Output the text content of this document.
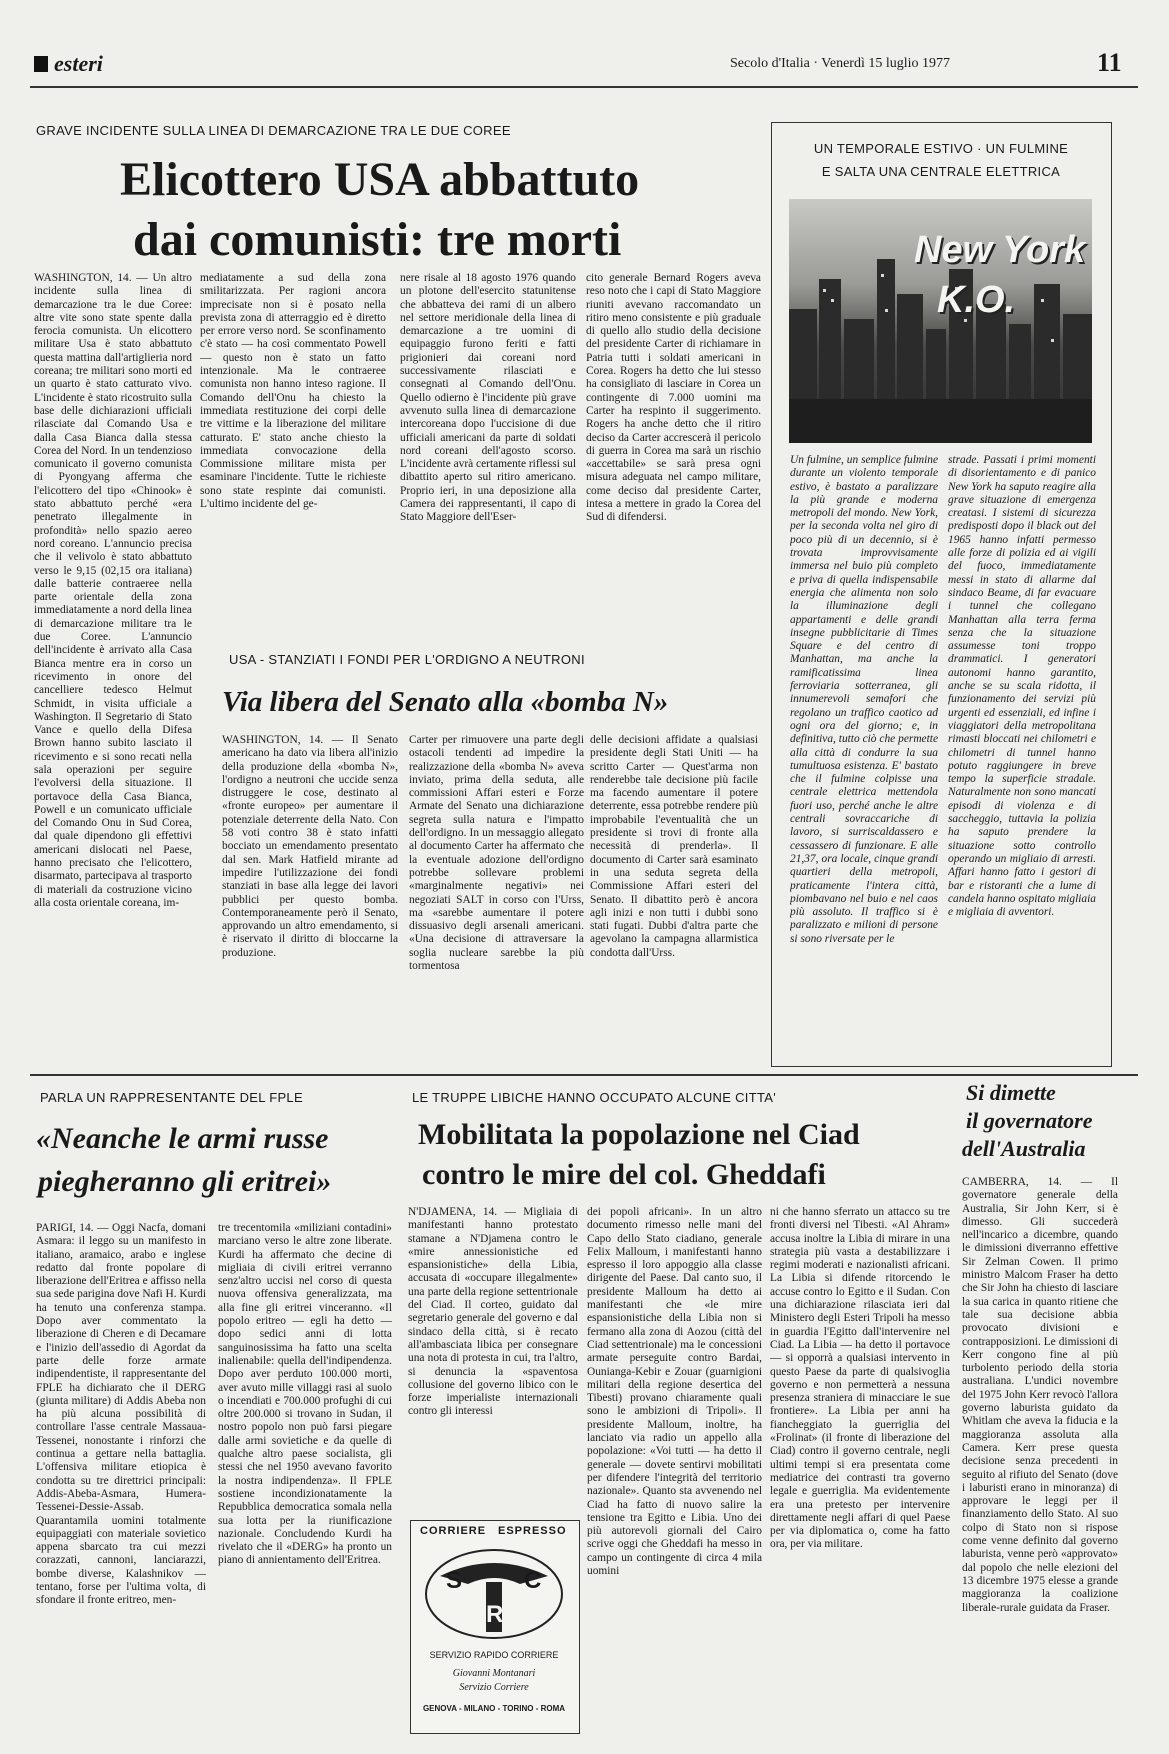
esteri	Secolo d'Italia · Venerdì 15 luglio 1977	11
GRAVE INCIDENTE SULLA LINEA DI DEMARCAZIONE TRA LE DUE COREE
Elicottero USA abbattuto
dai comunisti: tre morti
WASHINGTON, 14. — Un altro incidente sulla linea di demarcazione tra le due Coree: altre vite sono state spente dalla ferocia comunista. Un elicottero militare Usa è stato abbattuto questa mattina dall'artiglieria nord coreana; tre militari sono morti ed un quarto è stato catturato vivo. L'incidente è stato ricostruito sulla base delle dichiarazioni ufficiali rilasciate dal Comando Usa e dalla Casa Bianca dalla stessa Corea del Nord. In un tendenzioso comunicato il governo comunista di Pyongyang afferma che l'elicottero del tipo «Chinook» è stato abbattuto perché «era penetrato illegalmente in profondità» nello spazio aereo nord coreano. L'annuncio precisa che il velivolo è stato abbattuto verso le 9,15 (02,15 ora italiana) dalle batterie contraeree nella parte orientale della zona immediatamente a nord della linea di demarcazione militare tra le due Coree. L'annuncio dell'incidente è arrivato alla Casa Bianca mentre era in corso un ricevimento in onore del cancelliere tedesco Helmut Schmidt, in visita ufficiale a Washington. Il Segretario di Stato Vance e quello della Difesa Brown hanno subito lasciato il ricevimento e si sono recati nella sala operazioni per seguire l'evolversi della situazione. Il portavoce della Casa Bianca, Powell e un comunicato ufficiale del Comando Onu in Sud Corea, dal quale dipendono gli effettivi americani dislocati nel Paese, hanno precisato che l'elicottero, disarmato, partecipava al trasporto di materiali da costruzione vicino alla costa orientale coreana, im-
mediatamente a sud della zona smilitarizzata. Per ragioni ancora imprecisate non si è posato nella prevista zona di atterraggio ed è diretto per errore verso nord. Se sconfinamento c'è stato — ha così commentato Powell — questo non è stato un fatto intenzionale. Ma le contraeree comunista non hanno inteso ragione. Il Comando dell'Onu ha chiesto la immediata restituzione dei corpi delle tre vittime e la liberazione del militare catturato. E' stato anche chiesto la immediata convocazione della Commissione militare mista per esaminare l'incidente. Tutte le richieste sono state respinte dai comunisti. L'ultimo incidente del ge-
nere risale al 18 agosto 1976 quando un plotone dell'esercito statunitense che abbatteva dei rami di un albero nel settore meridionale della linea di demarcazione a tre uomini di equipaggio furono feriti e fatti prigionieri dai coreani nord successivamente rilasciati e consegnati al Comando dell'Onu. Quello odierno è l'incidente più grave avvenuto sulla linea di demarcazione intercoreana dopo l'uccisione di due ufficiali americani da parte di soldati nord coreani dell'agosto scorso. L'incidente avrà certamente riflessi sul dibattito aperto sul ritiro americano. Proprio ieri, in una deposizione alla Camera dei rappresentanti, il capo di Stato Maggiore dell'Eser-
cito generale Bernard Rogers aveva reso noto che i capi di Stato Maggiore riuniti avevano raccomandato un ritiro meno consistente e più graduale di quello allo studio della decisione del presidente Carter di richiamare in Patria tutti i soldati americani in Corea. Rogers ha detto che lui stesso ha consigliato di lasciare in Corea un contingente di 7.000 uomini ma Carter ha respinto il suggerimento. Rogers ha anche detto che il ritiro deciso da Carter accrescerà il pericolo di guerra in Corea ma sarà un rischio «accettabile» se sarà presa ogni misura adeguata nel campo militare, come deciso dal presidente Carter, intesa a mettere in grado la Corea del Sud di difendersi.
UN TEMPORALE ESTIVO · UN FULMINE
E SALTA UNA CENTRALE ELETTRICA
New York
K.O.
Un fulmine, un semplice fulmine durante un violento temporale estivo, è bastato a paralizzare la più grande e moderna metropoli del mondo. New York, per la seconda volta nel giro di poco più di un decennio, si è trovata improvvisamente immersa nel buio più completo e priva di quella indispensabile energia che alimenta non solo la illuminazione degli appartamenti e delle grandi insegne pubblicitarie di Times Square e del centro di Manhattan, ma anche la ramificatissima linea ferroviaria sotterranea, gli innumerevoli semafori che regolano un traffico caotico ad ogni ora del giorno; e, in definitiva, tutto ciò che permette alla città di condurre la sua tumultuosa esistenza. E' bastato che il fulmine colpisse una centrale elettrica mettendola fuori uso, perché anche le altre centrali sovraccariche di lavoro, si surriscaldassero e cessassero di funzionare. E alle 21,37, ora locale, cinque grandi quartieri della metropoli, praticamente l'intera città, piombavano nel buio e nel caos più assoluto. Il traffico si è paralizzato e milioni di persone si sono riversate per le
strade. Passati i primi momenti di disorientamento e di panico New York ha saputo reagire alla grave situazione di emergenza creatasi. I sistemi di sicurezza predisposti dopo il black out del 1965 hanno infatti permesso alle forze di polizia ed ai vigili del fuoco, immediatamente messi in stato di allarme dal sindaco Beame, di far evacuare i tunnel che collegano Manhattan alla terra ferma senza che la situazione assumesse toni troppo drammatici. I generatori autonomi hanno garantito, anche se su scala ridotta, il funzionamento dei servizi più urgenti ed essenziali, ed infine i viaggiatori della metropolitana rimasti bloccati nei chilometri e chilometri di tunnel hanno potuto raggiungere in breve tempo la superficie stradale. Naturalmente non sono mancati episodi di violenza e di saccheggio, tuttavia la polizia ha saputo prendere la situazione sotto controllo operando un migliaio di arresti. Affari hanno fatto i gestori di bar e ristoranti che a lume di candela hanno ospitato migliaia e migliaia di avventori.
USA - STANZIATI I FONDI PER L'ORDIGNO A NEUTRONI
Via libera del Senato alla «bomba N»
WASHINGTON, 14. — Il Senato americano ha dato via libera all'inizio della produzione della «bomba N», l'ordigno a neutroni che uccide senza distruggere le cose, destinato al «fronte europeo» per aumentare il potenziale deterrente della Nato. Con 58 voti contro 38 è stato infatti bocciato un emendamento presentato dal sen. Mark Hatfield mirante ad impedire l'utilizzazione dei fondi stanziati in base alla legge dei lavori pubblici per questo bomba. Contemporaneamente però il Senato, approvando un altro emendamento, si è riservato il diritto di bloccarne la produzione.
Carter per rimuovere una parte degli ostacoli tendenti ad impedire la realizzazione della «bomba N» aveva inviato, prima della seduta, alle commissioni Affari esteri e Forze Armate del Senato una dichiarazione segreta sulla natura e l'impatto dell'ordigno. In un messaggio allegato al documento Carter ha affermato che la eventuale adozione dell'ordigno potrebbe sollevare problemi «marginalmente negativi» nei negoziati SALT in corso con l'Urss, ma «sarebbe aumentare il potere dissuasivo degli arsenali americani. «Una decisione di attraversare la soglia nucleare sarebbe la più tormentosa
delle decisioni affidate a qualsiasi presidente degli Stati Uniti — ha scritto Carter — Quest'arma non renderebbe tale decisione più facile ma facendo aumentare il potere deterrente, essa potrebbe rendere più improbabile l'eventualità che un presidente si trovi di fronte alla necessità di prenderla». Il documento di Carter sarà esaminato in una seduta segreta della Commissione Affari esteri del Senato. Il dibattito però è ancora agli inizi e non tutti i dubbi sono stati fugati. Dubbi d'altra parte che agevolano la campagna allarmistica condotta dall'Urss.
PARLA UN RAPPRESENTANTE DEL FPLE
«Neanche le armi russe
piegheranno gli eritrei»
PARIGI, 14. — Oggi Nacfa, domani Asmara: il leggo su un manifesto in italiano, aramaico, arabo e inglese redatto dal fronte popolare di liberazione dell'Eritrea e affisso nella sua sede parigina dove Nafi H. Kurdi ha tenuto una conferenza stampa. Dopo aver commentato la liberazione di Cheren e di Decamare e l'inizio dell'assedio di Agordat da parte delle forze armate indipendentiste, il rappresentante del FPLE ha dichiarato che il DERG (giunta militare) di Addis Abeba non ha più alcuna possibilità di controllare l'asse centrale Massaua-Tessenei, nonostante i rinforzi che continua a gettare nella battaglia. L'offensiva militare etiopica è condotta su tre direttrici principali: Addis-Abeba-Asmara, Humera-Tessenei-Dessie-Assab. Quarantamila uomini totalmente equipaggiati con materiale sovietico appena sbarcato tra cui mezzi corazzati, cannoni, lanciarazzi, bombe diverse, Kalashnikov — tentano, forse per l'ultima volta, di sfondare il fronte eritreo, men-
tre trecentomila «miliziani contadini» marciano verso le altre zone liberate. Kurdi ha affermato che decine di migliaia di civili eritrei verranno senz'altro uccisi nel corso di questa nuova offensiva generalizzata, ma alla fine gli eritrei vinceranno. «Il popolo eritreo — egli ha detto — dopo sedici anni di lotta sanguinosissima ha fatto una scelta inalienabile: quella dell'indipendenza. Dopo aver perduto 100.000 morti, aver avuto mille villaggi rasi al suolo o incendiati e 700.000 profughi di cui oltre 200.000 si trovano in Sudan, il nostro popolo non può farsi piegare dalle armi sovietiche e da quelle di qualche altro paese socialista, gli stessi che nel 1950 avevano favorito la nostra indipendenza». Il FPLE sostiene incondizionatamente la Repubblica democratica somala nella sua lotta per la riunificazione nazionale. Concludendo Kurdi ha rivelato che il «DERG» ha pronto un piano di annientamento dell'Eritrea.
LE TRUPPE LIBICHE HANNO OCCUPATO ALCUNE CITTA'
Mobilitata la popolazione nel Ciad
contro le mire del col. Gheddafi
N'DJAMENA, 14. — Migliaia di manifestanti hanno protestato stamane a N'Djamena contro le «mire annessionistiche ed espansionistiche» della Libia, accusata di «occupare illegalmente» una parte della regione settentrionale del Ciad. Il corteo, guidato dal segretario generale del governo e dal sindaco della città, si è recato all'ambasciata libica per consegnare una nota di protesta in cui, tra l'altro, si denuncia la «spaventosa collusione del governo libico con le forze imperialiste internazionali contro gli interessi
dei popoli africani». In un altro documento rimesso nelle mani del Capo dello Stato ciadiano, generale Felix Malloum, i manifestanti hanno espresso il loro appoggio alla classe dirigente del Paese. Dal canto suo, il presidente Malloum ha detto ai manifestanti che «le mire espansionistiche della Libia non si fermano alla zona di Aozou (città del Ciad settentrionale) ma le concessioni armate perseguite contro Bardai, Ounianga-Kebir e Zouar (guarnigioni militari della regione desertica del Tibesti) provano chiaramente quali sono le ambizioni di Tripoli». Il presidente Malloum, inoltre, ha lanciato via radio un appello alla popolazione: «Voi tutti — ha detto il generale — dovete sentirvi mobilitati per difendere l'integrità del territorio nazionale». Quanto sta avvenendo nel Ciad ha fatto di nuovo salire la tensione tra Egitto e Libia. Uno dei più autorevoli giornali del Cairo scrive oggi che Gheddafi ha messo in campo un contingente di circa 4 mila uomini
ni che hanno sferrato un attacco su tre fronti diversi nel Tibesti. «Al Ahram» accusa inoltre la Libia di mirare in una strategia più vasta a destabilizzare i regimi moderati e nazionalisti africani. La Libia si difende ritorcendo le accuse contro lo Egitto e il Sudan. Con una dichiarazione rilasciata ieri dal Ministero degli Esteri Tripoli ha messo in guardia l'Egitto dall'intervenire nel Ciad. La Libia — ha detto il portavoce — si opporrà a qualsiasi intervento in questo Paese da parte di qualsivoglia governo e non permetterà a nessuna presenza straniera di minacciare le sue frontiere». La Libia per anni ha fiancheggiato la guerriglia del «Frolinat» (il fronte di liberazione del Ciad) contro il governo centrale, negli ultimi tempi si era presentata come mediatrice dei contrasti tra governo legale e guerriglia. Ma evidentemente era una pretesto per intervenire direttamente negli affari di quel Paese per via diplomatica o, come ha fatto ora, per via militare.
CORRIERE ESPRESSO
S	C
R
SERVIZIO RAPIDO CORRIERE
Giovanni Montanari
Servizio Corriere
GENOVA - MILANO - TORINO - ROMA
Si dimette
il governatore
dell'Australia
CAMBERRA, 14. — Il governatore generale della Australia, Sir John Kerr, si è dimesso. Gli succederà nell'incarico a dicembre, quando le dimissioni diverranno effettive Sir Zelman Cowen. Il primo ministro Malcom Fraser ha detto che Sir John ha chiesto di lasciare la sua carica in quanto ritiene che tale sua decisione abbia provocato divisioni e contrapposizioni. Le dimissioni di Kerr congono fine al più turbolento periodo della storia australiana. L'undici novembre del 1975 John Kerr revocò l'allora governo laburista guidato da Whitlam che aveva la fiducia e la maggioranza assoluta alla Camera. Kerr prese questa decisione senza precedenti in seguito al rifiuto del Senato (dove i laburisti erano in minoranza) di approvare le leggi per il finanziamento dello Stato. Al suo colpo di Stato non si rispose come venne definito dal governo laburista, venne però «approvato» dal popolo che nelle elezioni del 13 dicembre 1975 elesse a grande maggioranza la coalizione liberale-rurale guidata da Fraser.
